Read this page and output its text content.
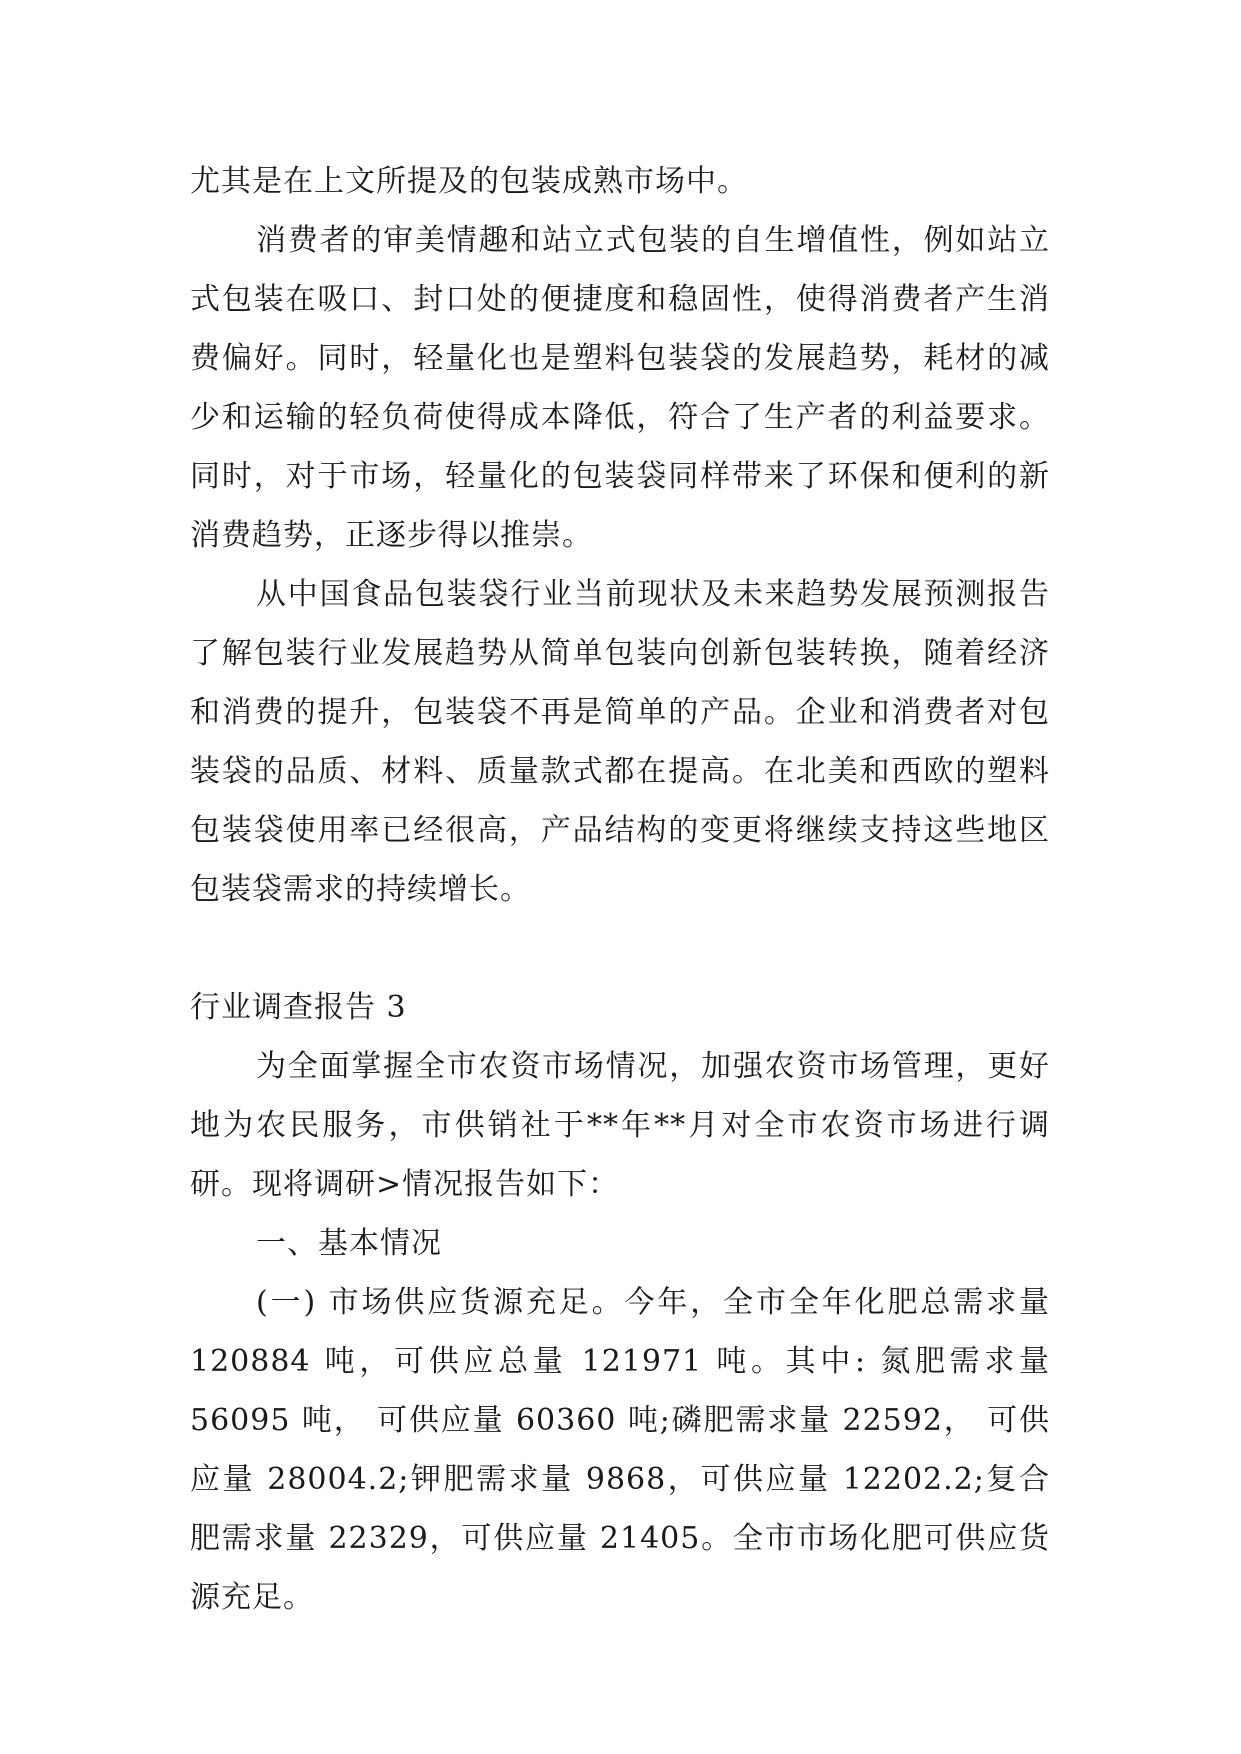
尤其是在上文所提及的包装成熟市场中。

消费者的审美情趣和站立式包装的自生增值性，例如站立式包装在吸口、封口处的便捷度和稳固性，使得消费者产生消费偏好。同时，轻量化也是塑料包装袋的发展趋势，耗材的减少和运输的轻负荷使得成本降低，符合了生产者的利益要求。同时，对于市场，轻量化的包装袋同样带来了环保和便利的新消费趋势，正逐步得以推崇。

从中国食品包装袋行业当前现状及未来趋势发展预测报告了解包装行业发展趋势从简单包装向创新包装转换，随着经济和消费的提升，包装袋不再是简单的产品。企业和消费者对包装袋的品质、材料、质量款式都在提高。在北美和西欧的塑料包装袋使用率已经很高，产品结构的变更将继续支持这些地区包装袋需求的持续增长。

行业调查报告 3

为全面掌握全市农资市场情况，加强农资市场管理，更好地为农民服务，市供销社于**年**月对全市农资市场进行调研。现将调研>情况报告如下：

一、基本情况

(一) 市场供应货源充足。今年，全市全年化肥总需求量 120884 吨，可供应总量 121971 吨。其中: 氮肥需求量 56095 吨， 可供应量 60360 吨;磷肥需求量 22592， 可供应量 28004.2;钾肥需求量 9868，可供应量 12202.2;复合肥需求量 22329，可供应量 21405。全市市场化肥可供应货源充足。
